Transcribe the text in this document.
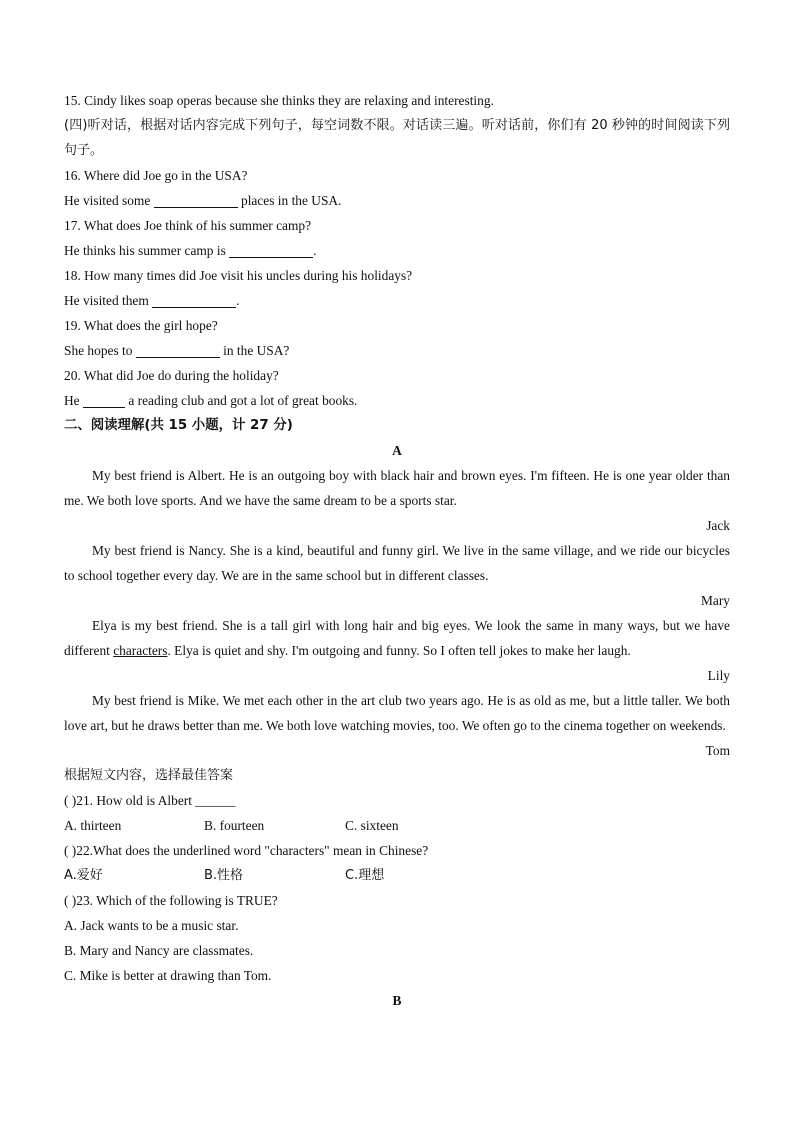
15. Cindy likes soap operas because she thinks they are relaxing and interesting.
(四)听对话，根据对话内容完成下列句子，每空词数不限。对话读三遍。听对话前，你们有 20 秒钟的时间阅读下列句子。
16. Where did Joe go in the USA?
He visited some	places in the USA.
17. What does Joe think of his summer camp?
He thinks his summer camp is	.
18. How many times did Joe visit his uncles during his holidays?
He visited them	.
19. What does the girl hope?
She hopes to	in the USA?
20. What did Joe do during the holiday?
He	a reading club and got a lot of great books.
二、阅读理解(共 15 小题，计 27 分)
A
My best friend is Albert. He is an outgoing boy with black hair and brown eyes. I'm fifteen. He is one year older than me. We both love sports. And we have the same dream to be a sports star.
Jack
My best friend is Nancy. She is a kind, beautiful and funny girl. We live in the same village, and we ride our bicycles to school together every day. We are in the same school but in different classes.
Mary
Elya is my best friend. She is a tall girl with long hair and big eyes. We look the same in many ways, but we have different characters. Elya is quiet and shy. I'm outgoing and funny. So I often tell jokes to make her laugh.
Lily
My best friend is Mike. We met each other in the art club two years ago. He is as old as me, but a little taller. We both love art, but he draws better than me. We both love watching movies, too. We often go to the cinema together on weekends.
Tom
根据短文内容，选择最佳答案
( )21. How old is Albert ______
A. thirteen	B. fourteen	C. sixteen
( )22.What does the underlined word "characters" mean in Chinese?
A.爱好	B.性格	C.理想
( )23. Which of the following is TRUE?
A. Jack wants to be a music star.
B. Mary and Nancy are classmates.
C. Mike is better at drawing than Tom.
B
